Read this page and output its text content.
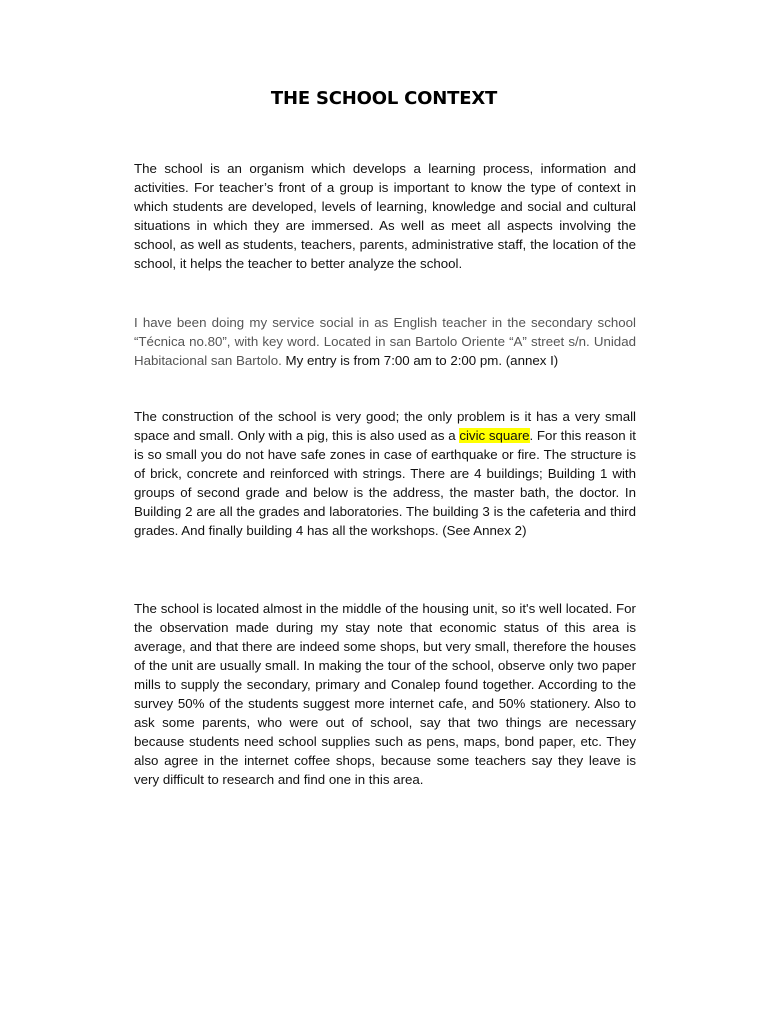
THE SCHOOL CONTEXT

The school is an organism which develops a learning process, information and activities. For teacher’s front of a group is important to know the type of context in which students are developed, levels of learning, knowledge and social and cultural situations in which they are immersed. As well as meet all aspects involving the school, as well as students, teachers, parents, administrative staff, the location of the school, it helps the teacher to better analyze the school.

I have been doing my service social in as English teacher in the secondary school “Técnica no.80”, with key word. Located in san Bartolo Oriente “A” street s/n. Unidad Habitacional san Bartolo. My entry is from 7:00 am to 2:00 pm. (annex I)

The construction of the school is very good; the only problem is it has a very small space and small. Only with a pig, this is also used as a civic square. For this reason it is so small you do not have safe zones in case of earthquake or fire. The structure is of brick, concrete and reinforced with strings. There are 4 buildings; Building 1 with groups of second grade and below is the address, the master bath, the doctor. In Building 2 are all the grades and laboratories. The building 3 is the cafeteria and third grades. And finally building 4 has all the workshops. (See Annex 2)

The school is located almost in the middle of the housing unit, so it's well located. For the observation made during my stay note that economic status of this area is average, and that there are indeed some shops, but very small, therefore the houses of the unit are usually small. In making the tour of the school, observe only two paper mills to supply the secondary, primary and Conalep found together. According to the survey 50% of the students suggest more internet cafe, and 50% stationery. Also to ask some parents, who were out of school, say that two things are necessary because students need school supplies such as pens, maps, bond paper, etc. They also agree in the internet coffee shops, because some teachers say they leave is very difficult to research and find one in this area.
